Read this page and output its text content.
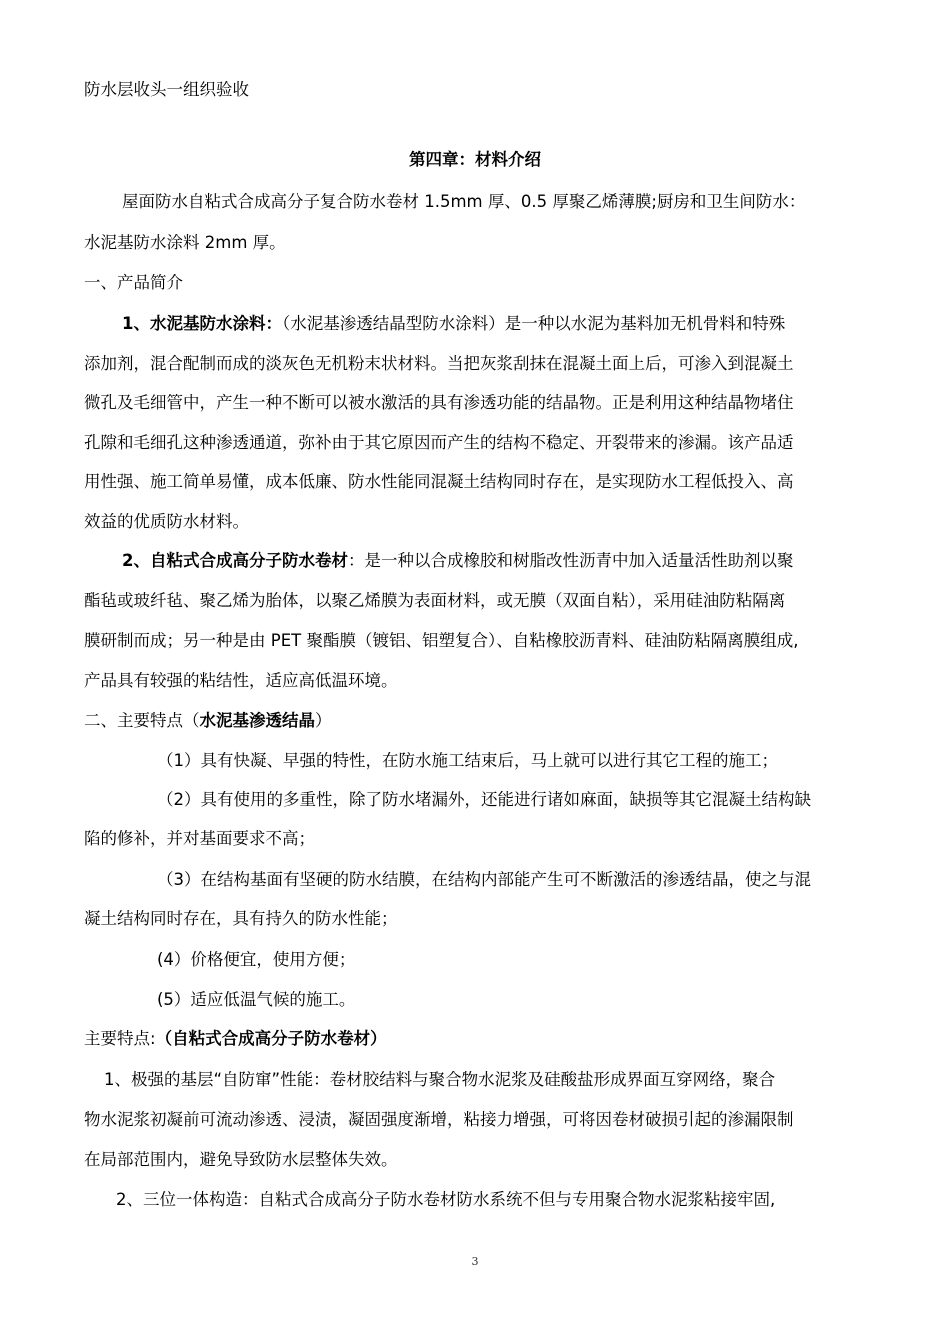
防水层收头一组织验收
第四章：材料介绍
屋面防水自粘式合成高分子复合防水卷材 1.5mm 厚、0.5 厚聚乙烯薄膜;厨房和卫生间防水：
水泥基防水涂料 2mm 厚。
一、产品简介
1、水泥基防水涂料：（水泥基渗透结晶型防水涂料）是一种以水泥为基料加无机骨料和特殊
添加剂，混合配制而成的淡灰色无机粉末状材料。当把灰浆刮抹在混凝土面上后，可渗入到混凝土
微孔及毛细管中，产生一种不断可以被水激活的具有渗透功能的结晶物。正是利用这种结晶物堵住
孔隙和毛细孔这种渗透通道，弥补由于其它原因而产生的结构不稳定、开裂带来的渗漏。该产品适
用性强、施工简单易懂，成本低廉、防水性能同混凝土结构同时存在，是实现防水工程低投入、高
效益的优质防水材料。
2、自粘式合成高分子防水卷材：是一种以合成橡胶和树脂改性沥青中加入适量活性助剂以聚
酯毡或玻纤毡、聚乙烯为胎体，以聚乙烯膜为表面材料，或无膜（双面自粘），采用硅油防粘隔离
膜研制而成；另一种是由 PET 聚酯膜（镀铝、铝塑复合）、自粘橡胶沥青料、硅油防粘隔离膜组成,
产品具有较强的粘结性，适应高低温环境。
二、主要特点（水泥基渗透结晶）
（1）具有快凝、早强的特性，在防水施工结束后，马上就可以进行其它工程的施工；
（2）具有使用的多重性，除了防水堵漏外，还能进行诸如麻面，缺损等其它混凝土结构缺
陷的修补，并对基面要求不高；
（3）在结构基面有坚硬的防水结膜，在结构内部能产生可不断激活的渗透结晶，使之与混
凝土结构同时存在，具有持久的防水性能；
(4）价格便宜，使用方便；
(5）适应低温气候的施工。
主要特点:（自粘式合成高分子防水卷材）
1、极强的基层“自防窜”性能：卷材胶结料与聚合物水泥浆及硅酸盐形成界面互穿网络，聚合
物水泥浆初凝前可流动渗透、浸渍，凝固强度渐增，粘接力增强，可将因卷材破损引起的渗漏限制
在局部范围内，避免导致防水层整体失效。
2、三位一体构造：自粘式合成高分子防水卷材防水系统不但与专用聚合物水泥浆粘接牢固,
3
